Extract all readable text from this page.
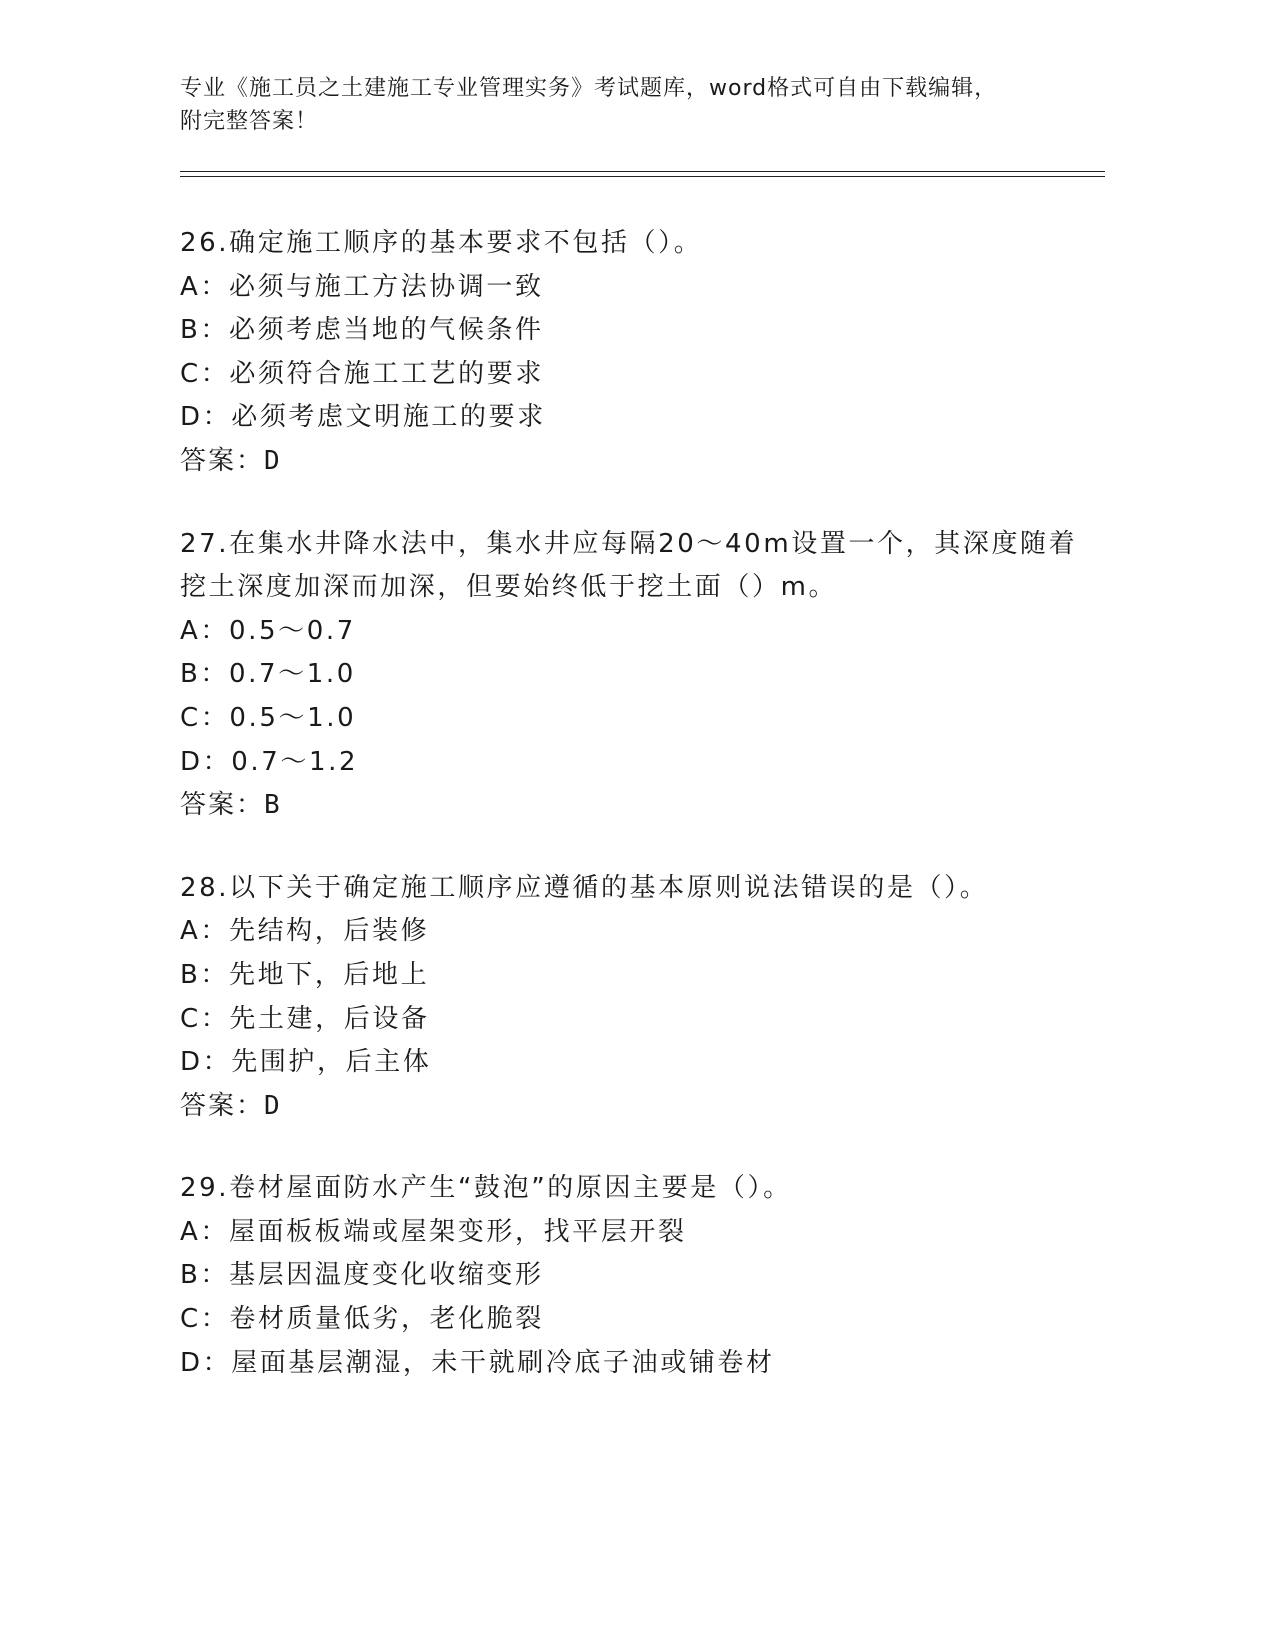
专业《施工员之土建施工专业管理实务》考试题库，word格式可自由下载编辑，
附完整答案！
26.确定施工顺序的基本要求不包括（）。
A：必须与施工方法协调一致
B：必须考虑当地的气候条件
C：必须符合施工工艺的要求
D：必须考虑文明施工的要求
答案：D
27.在集水井降水法中，集水井应每隔20～40m设置一个，其深度随着
挖土深度加深而加深，但要始终低于挖土面（）m。
A：0.5～0.7
B：0.7～1.0
C：0.5～1.0
D：0.7～1.2
答案：B
28.以下关于确定施工顺序应遵循的基本原则说法错误的是（）。
A：先结构，后装修
B：先地下，后地上
C：先土建，后设备
D：先围护，后主体
答案：D
29.卷材屋面防水产生“鼓泡”的原因主要是（）。
A：屋面板板端或屋架变形，找平层开裂
B：基层因温度变化收缩变形
C：卷材质量低劣，老化脆裂
D：屋面基层潮湿，未干就刷冷底子油或铺卷材
